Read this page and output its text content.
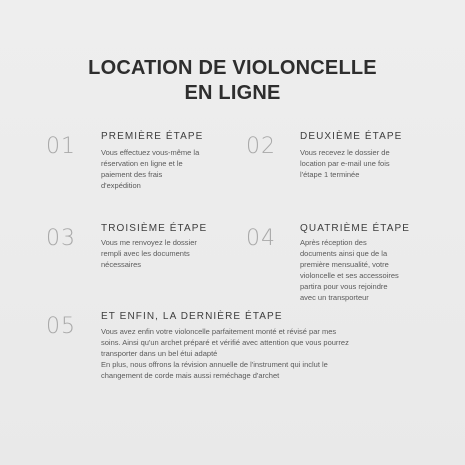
LOCATION DE VIOLONCELLE
EN LIGNE
01	PREMIÈRE ÉTAPE
Vous effectuez vous-même la
réservation en ligne et le
paiement des frais
d'expédition
02 DEUXIÈME ÉTAPE
Vous recevez le dossier de
location par e-mail une fois
l'étape 1 terminée
03	TROISIÈME ÉTAPE
Vous me renvoyez le dossier
rempli avec les documents
nécessaires
04 QUATRIÈME ÉTAPE
Après réception des
documents ainsi que de la
première mensualité, votre
violoncelle et ses accessoires
partira pour vous rejoindre
avec un transporteur
05	ET ENFIN, LA DERNIÈRE ÉTAPE
Vous avez enfin votre violoncelle parfaitement monté et révisé par mes
soins. Ainsi qu'un archet préparé et vérifié avec attention que vous pourrez
transporter dans un bel étui adapté
En plus, nous offrons la révision annuelle de l'instrument qui inclut le
changement de corde mais aussi reméchage d'archet
